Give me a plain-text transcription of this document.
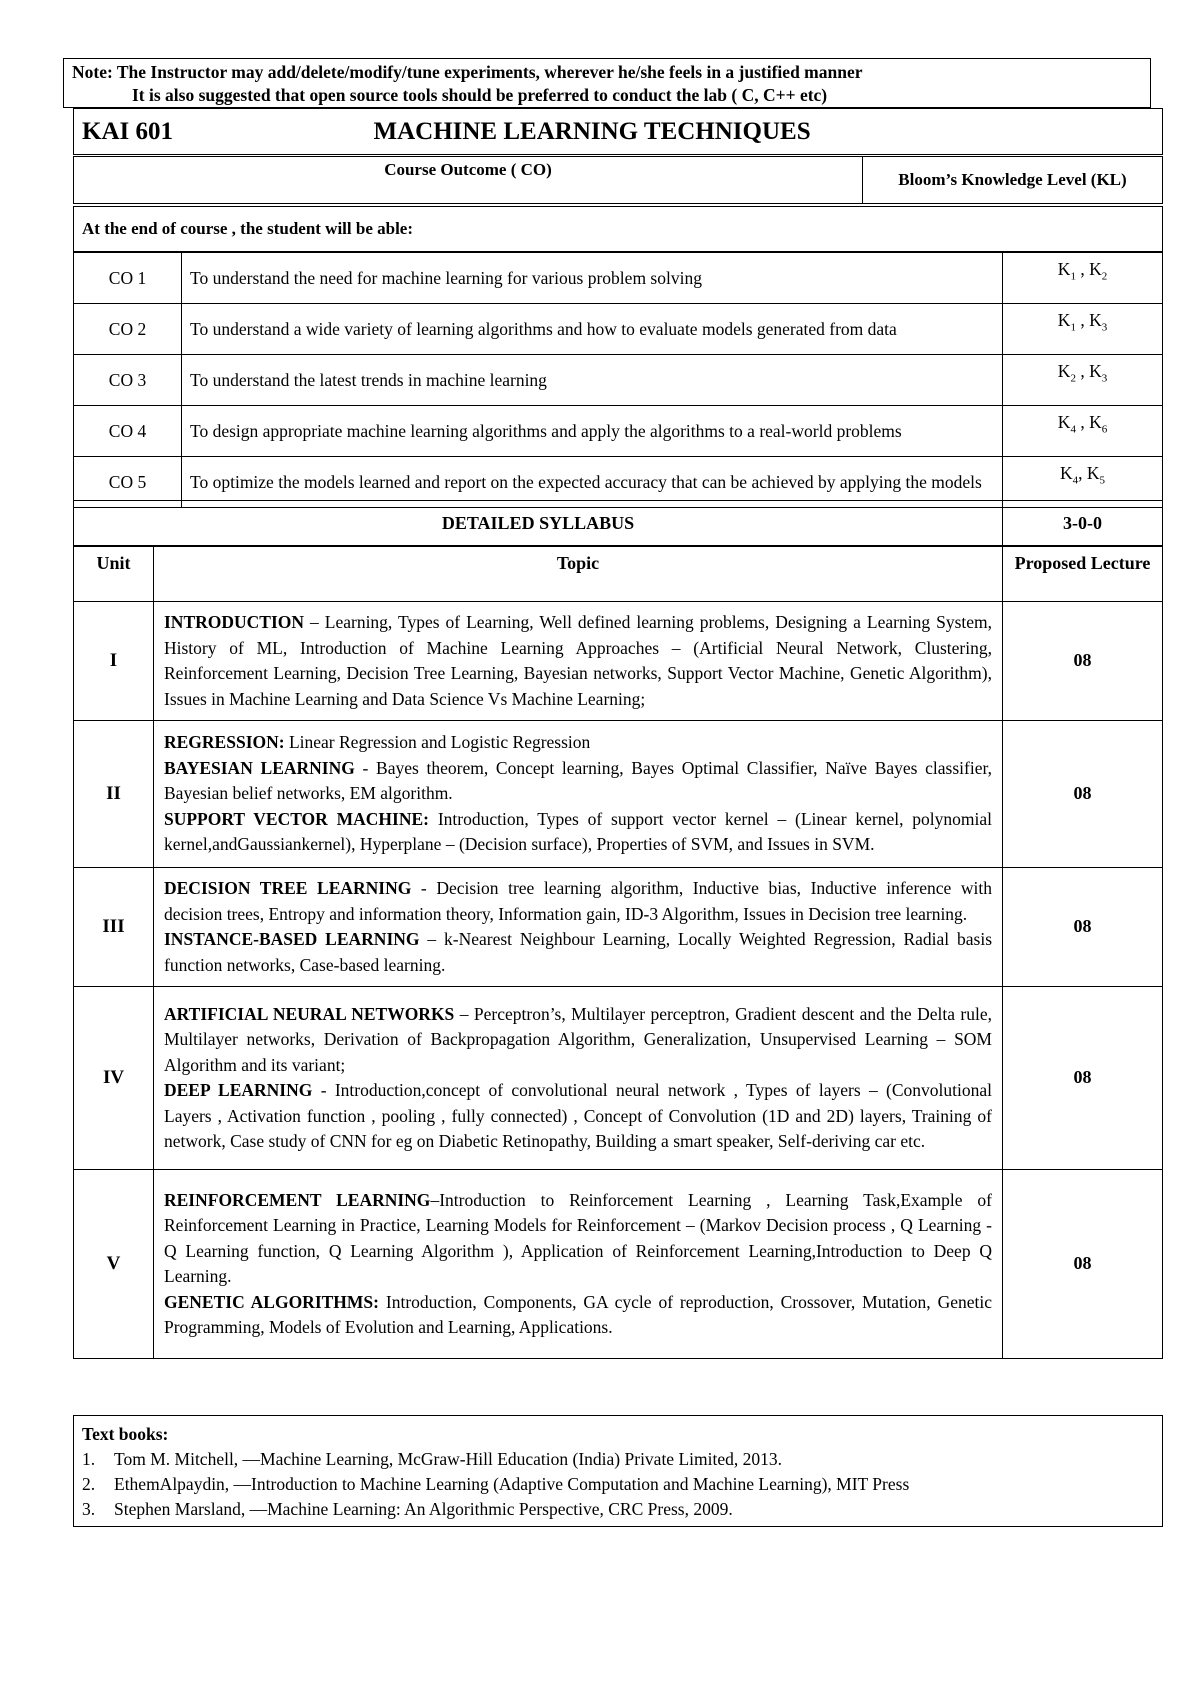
Note: The Instructor may add/delete/modify/tune experiments, wherever he/she feels in a justified manner
It is also suggested that open source tools should be preferred to conduct the lab ( C, C++ etc)
KAI 601	MACHINE LEARNING TECHNIQUES
Course Outcome ( CO)	Bloom’s Knowledge Level (KL)
At the end of course , the student will be able:
CO 1	To understand the need for machine learning for various problem solving	$K_1$ , $K_2$
CO 2	To understand a wide variety of learning algorithms and how to evaluate models generated from data	$K_1$ , $K_3$
CO 3	To understand the latest trends in machine learning	$K_2$ , $K_3$
CO 4	To design appropriate machine learning algorithms and apply the algorithms to a real-world problems	$K_4$ , $K_6$
CO 5	To optimize the models learned and report on the expected accuracy that can be achieved by applying the models	$K_4$, $K_5$
DETAILED SYLLABUS	3-0-0
Unit	Topic	Proposed Lecture
I	INTRODUCTION – Learning, Types of Learning, Well defined learning problems, Designing a Learning System, History of ML, Introduction of Machine Learning Approaches – (Artificial Neural Network, Clustering, Reinforcement Learning, Decision Tree Learning, Bayesian networks, Support Vector Machine, Genetic Algorithm), Issues in Machine Learning and Data Science Vs Machine Learning;	08
II	REGRESSION: Linear Regression and Logistic Regression
BAYESIAN LEARNING - Bayes theorem, Concept learning, Bayes Optimal Classifier, Naïve Bayes classifier, Bayesian belief networks, EM algorithm.
SUPPORT VECTOR MACHINE: Introduction, Types of support vector kernel – (Linear kernel, polynomial kernel,andGaussiankernel), Hyperplane – (Decision surface), Properties of SVM, and Issues in SVM.	08
III	DECISION TREE LEARNING - Decision tree learning algorithm, Inductive bias, Inductive inference with decision trees, Entropy and information theory, Information gain, ID-3 Algorithm, Issues in Decision tree learning.
INSTANCE-BASED LEARNING – k-Nearest Neighbour Learning, Locally Weighted Regression, Radial basis function networks, Case-based learning.	08
IV	ARTIFICIAL NEURAL NETWORKS – Perceptron’s, Multilayer perceptron, Gradient descent and the Delta rule, Multilayer networks, Derivation of Backpropagation Algorithm, Generalization, Unsupervised Learning – SOM Algorithm and its variant;
DEEP LEARNING - Introduction,concept of convolutional neural network , Types of layers – (Convolutional Layers , Activation function , pooling , fully connected) , Concept of Convolution (1D and 2D) layers, Training of network, Case study of CNN for eg on Diabetic Retinopathy, Building a smart speaker, Self-deriving car etc.	08
V	REINFORCEMENT LEARNING–Introduction to Reinforcement Learning , Learning Task,Example of Reinforcement Learning in Practice, Learning Models for Reinforcement – (Markov Decision process , Q Learning - Q Learning function, Q Learning Algorithm ), Application of Reinforcement Learning,Introduction to Deep Q Learning.
GENETIC ALGORITHMS: Introduction, Components, GA cycle of reproduction, Crossover, Mutation, Genetic Programming, Models of Evolution and Learning, Applications.	08
Text books:
1.	Tom M. Mitchell, ―Machine Learning, McGraw-Hill Education (India) Private Limited, 2013.
2.	EthemAlpaydin, ―Introduction to Machine Learning (Adaptive Computation and Machine Learning), MIT Press
3.	Stephen Marsland, ―Machine Learning: An Algorithmic Perspective, CRC Press, 2009.
